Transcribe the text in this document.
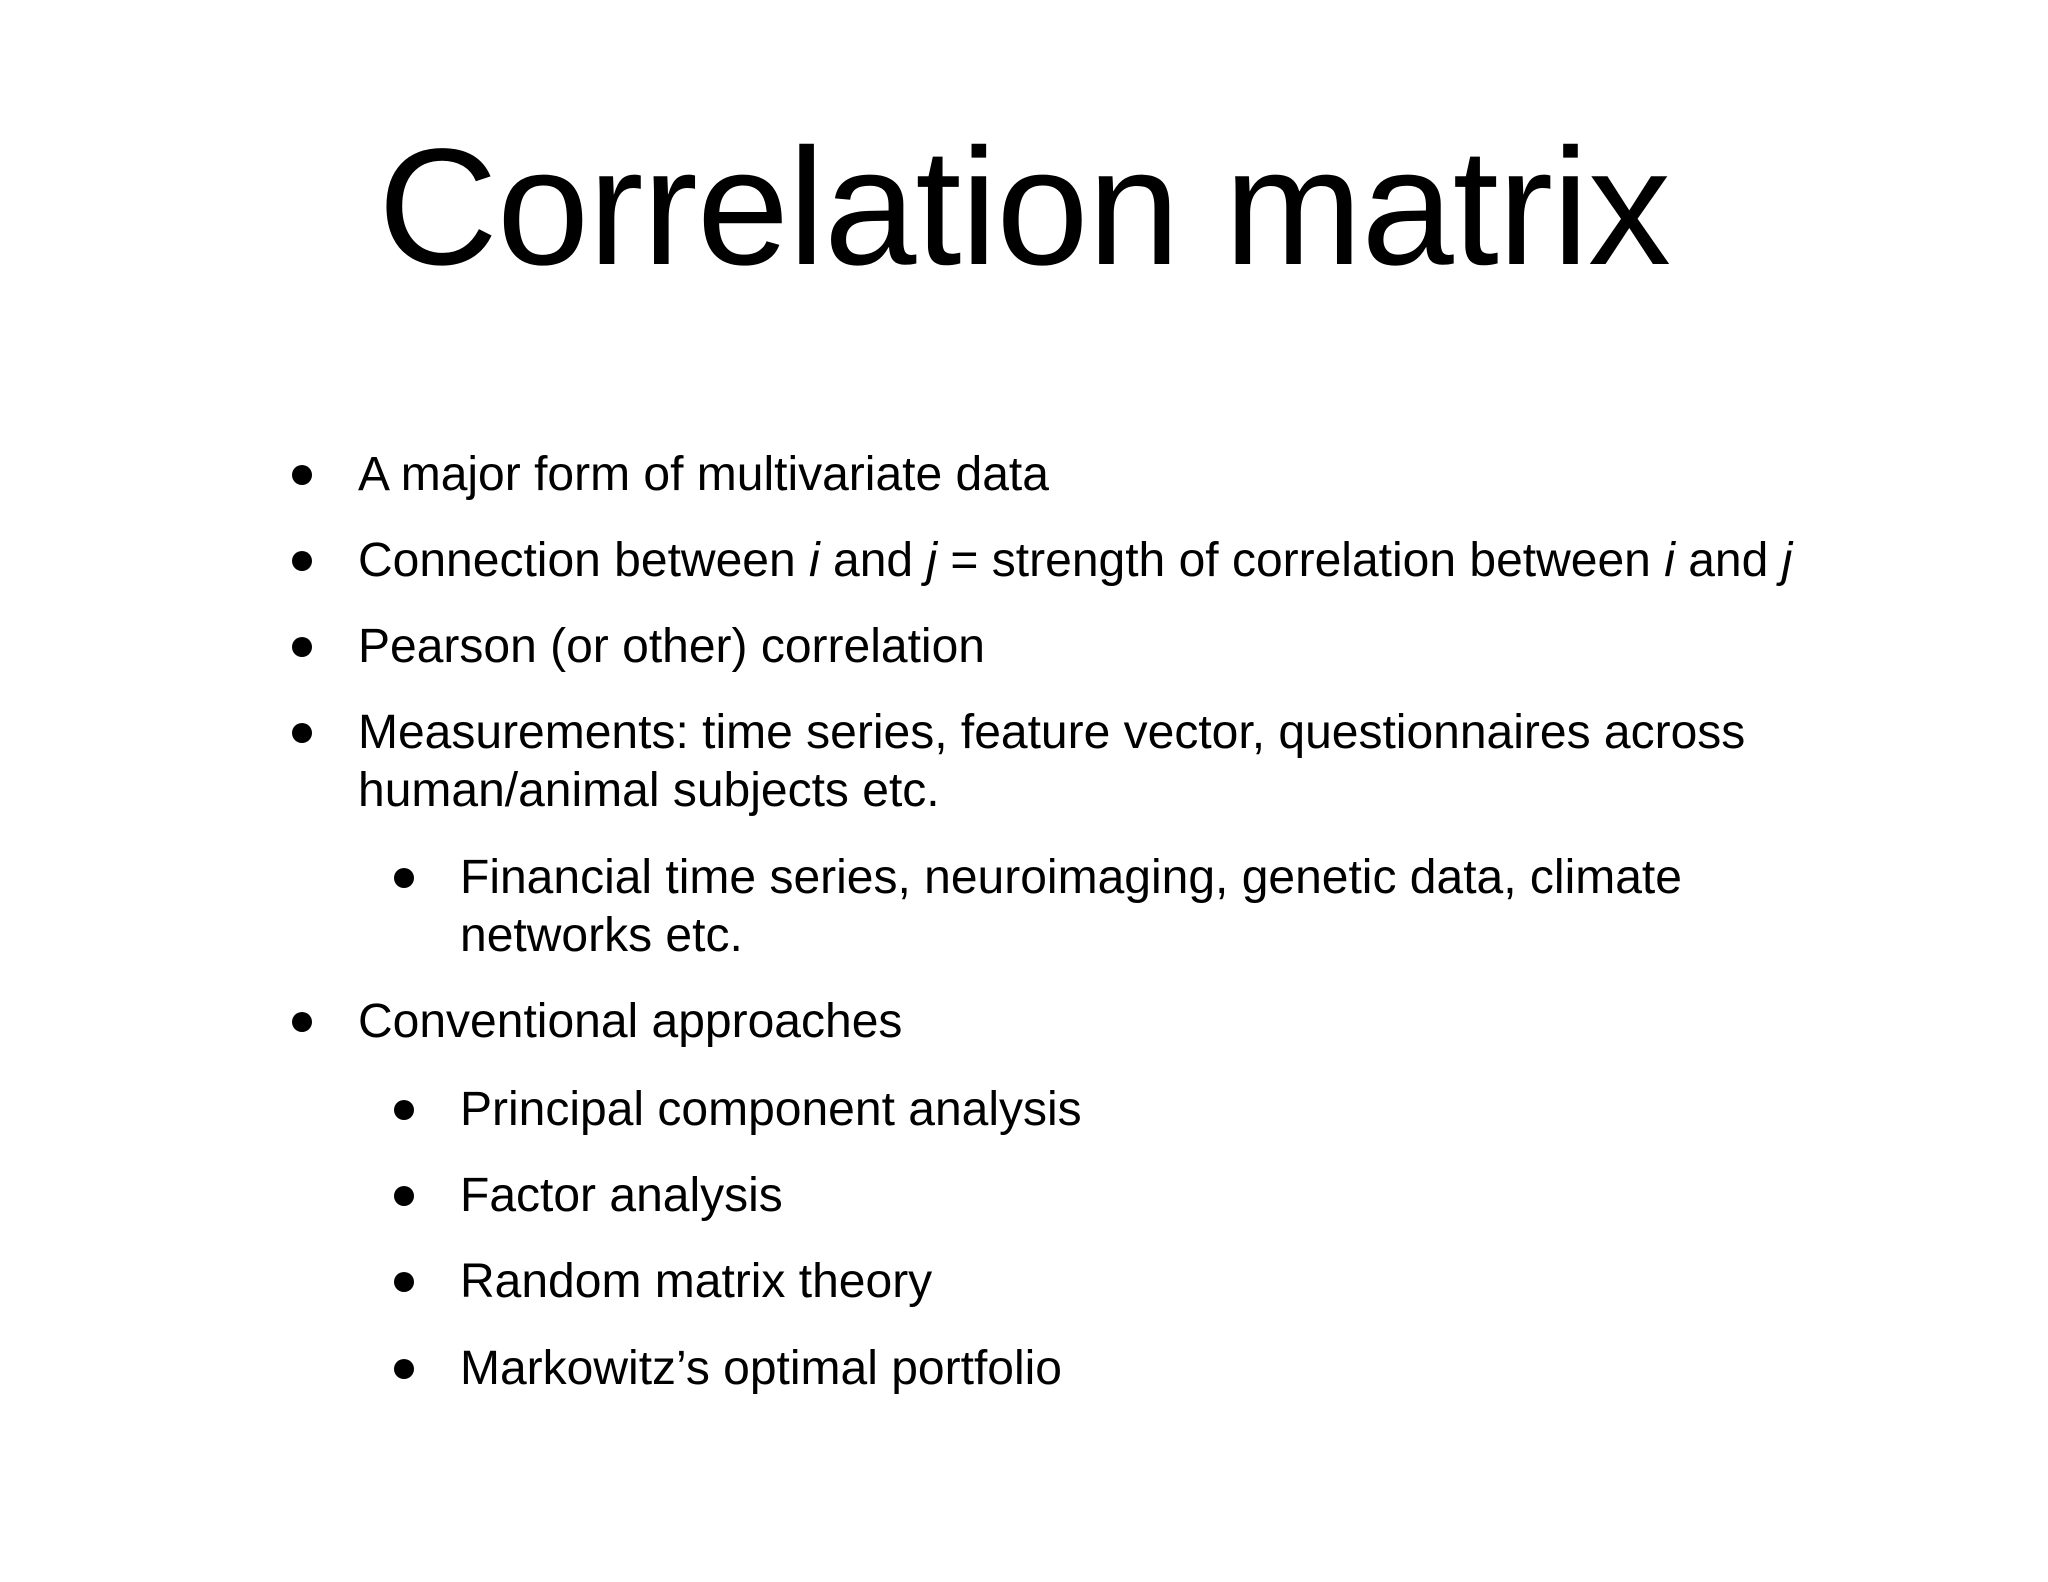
Correlation matrix
A major form of multivariate data
Connection between i and j = strength of correlation between i and j
Pearson (or other) correlation
Measurements: time series, feature vector, questionnaires across
human/animal subjects etc.
Financial time series, neuroimaging, genetic data, climate
networks etc.
Conventional approaches
Principal component analysis
Factor analysis
Random matrix theory
Markowitz’s optimal portfolio
